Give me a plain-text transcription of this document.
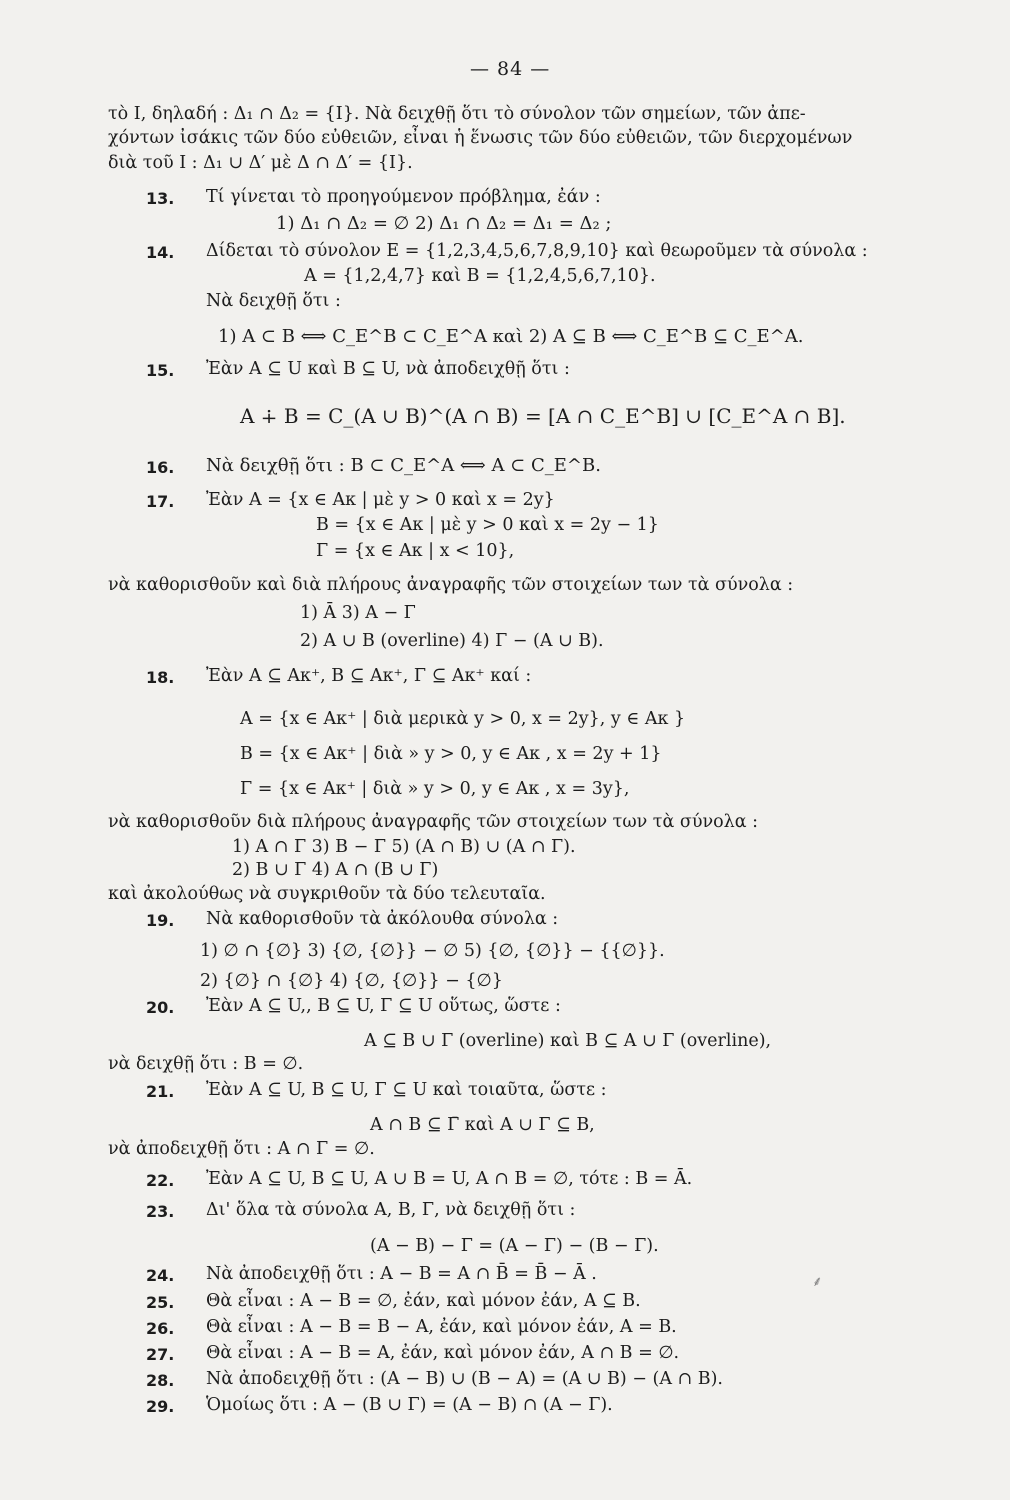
— 84 —
τὸ Ι, δηλαδή : Δ₁ ∩ Δ₂ = {Ι}. Νὰ δειχθῇ ὅτι τὸ σύνολον τῶν σημείων, τῶν ἀπε-
χόντων ἰσάκις τῶν δύο εὐθειῶν, εἶναι ἡ ἕνωσις τῶν δύο εὐθειῶν, τῶν διερχομένων
διὰ τοῦ Ι : Δ₁ ∪ Δ′ μὲ Δ ∩ Δ′ = {Ι}.
13. Τί γίνεται τὸ προηγούμενον πρόβλημα, ἐάν :
1) Δ₁ ∩ Δ₂ = ∅ 2) Δ₁ ∩ Δ₂ = Δ₁ = Δ₂ ;
14. Δίδεται τὸ σύνολον Ε = {1,2,3,4,5,6,7,8,9,10} καὶ θεωροῦμεν τὰ σύνολα :
Α = {1,2,4,7} καὶ Β = {1,2,4,5,6,7,10}.
Νὰ δειχθῇ ὅτι :
1) Α ⊂ Β ⟺ C_E^B ⊂ C_E^A καὶ 2) Α ⊆ Β ⟺ C_E^B ⊆ C_E^A.
15. Ἐὰν Α ⊆ U καὶ Β ⊆ U, νὰ ἀποδειχθῇ ὅτι :
Α ∔ Β = C_(Α ∪ Β)^(Α ∩ Β) = [Α ∩ C_E^B] ∪ [C_E^A ∩ Β].
16. Νὰ δειχθῇ ὅτι : Β ⊂ C_E^A ⟺ Α ⊂ C_E^B.
17. Ἐὰν Α = {x ∈ Aκ | μὲ y > 0 καὶ x = 2y}
Β = {x ∈ Aκ | μὲ y > 0 καὶ x = 2y − 1}
Γ = {x ∈ Aκ | x < 10},
νὰ καθορισθοῦν καὶ διὰ πλήρους ἀναγραφῆς τῶν στοιχείων των τὰ σύνολα :
1) Ā 3) Α − Γ
2) Α ∪ Β (overline) 4) Γ − (Α ∪ Β).
18. Ἐὰν Α ⊆ Aκ⁺, Β ⊆ Aκ⁺, Γ ⊆ Aκ⁺ καί :
Α = {x ∈ Aκ⁺ | διὰ μερικὰ y > 0, x = 2y}, y ∈ Aκ }
Β = {x ∈ Aκ⁺ | διὰ » y > 0, y ∈ Aκ , x = 2y + 1}
Γ = {x ∈ Aκ⁺ | διὰ » y > 0, y ∈ Aκ , x = 3y},
νὰ καθορισθοῦν διὰ πλήρους ἀναγραφῆς τῶν στοιχείων των τὰ σύνολα :
1) Α ∩ Γ 3) Β − Γ 5) (Α ∩ Β) ∪ (Α ∩ Γ).
2) Β ∪ Γ 4) Α ∩ (Β ∪ Γ)
καὶ ἀκολούθως νὰ συγκριθοῦν τὰ δύο τελευταῖα.
19. Νὰ καθορισθοῦν τὰ ἀκόλουθα σύνολα :
1) ∅ ∩ {∅} 3) {∅, {∅}} − ∅ 5) {∅, {∅}} − {{∅}}.
2) {∅} ∩ {∅} 4) {∅, {∅}} − {∅}
20. Ἐὰν Α ⊆ U,, Β ⊆ U, Γ ⊆ U οὕτως, ὥστε :
Α ⊆ Β ∪ Γ (overline) καὶ Β ⊆ Α ∪ Γ (overline),
νὰ δειχθῇ ὅτι : Β = ∅.
21. Ἐὰν Α ⊆ U, Β ⊆ U, Γ ⊆ U καὶ τοιαῦτα, ὥστε :
Α ∩ Β ⊆ Γ̄ καὶ Α ∪ Γ ⊆ Β,
νὰ ἀποδειχθῇ ὅτι : Α ∩ Γ = ∅.
22. Ἐὰν Α ⊆ U, Β ⊆ U, Α ∪ Β = U, Α ∩ Β = ∅, τότε : Β = Ā.
23. Δι' ὅλα τὰ σύνολα Α, Β, Γ, νὰ δειχθῇ ὅτι :
(Α − Β) − Γ = (Α − Γ) − (Β − Γ).
24. Νὰ ἀποδειχθῇ ὅτι : Α − Β = Α ∩ B̄ = B̄ − Ā .
25. Θὰ εἶναι : Α − Β = ∅, ἐάν, καὶ μόνον ἐάν, Α ⊆ Β.
26. Θὰ εἶναι : Α − Β = Β − Α, ἐάν, καὶ μόνον ἐάν, Α = Β.
27. Θὰ εἶναι : Α − Β = Α, ἐάν, καὶ μόνον ἐάν, Α ∩ Β = ∅.
28. Νὰ ἀποδειχθῇ ὅτι : (Α − Β) ∪ (Β − Α) = (Α ∪ Β) − (Α ∩ Β).
29. Ὁμοίως ὅτι : Α − (Β ∪ Γ) = (Α − Β) ∩ (Α − Γ).
⸙
